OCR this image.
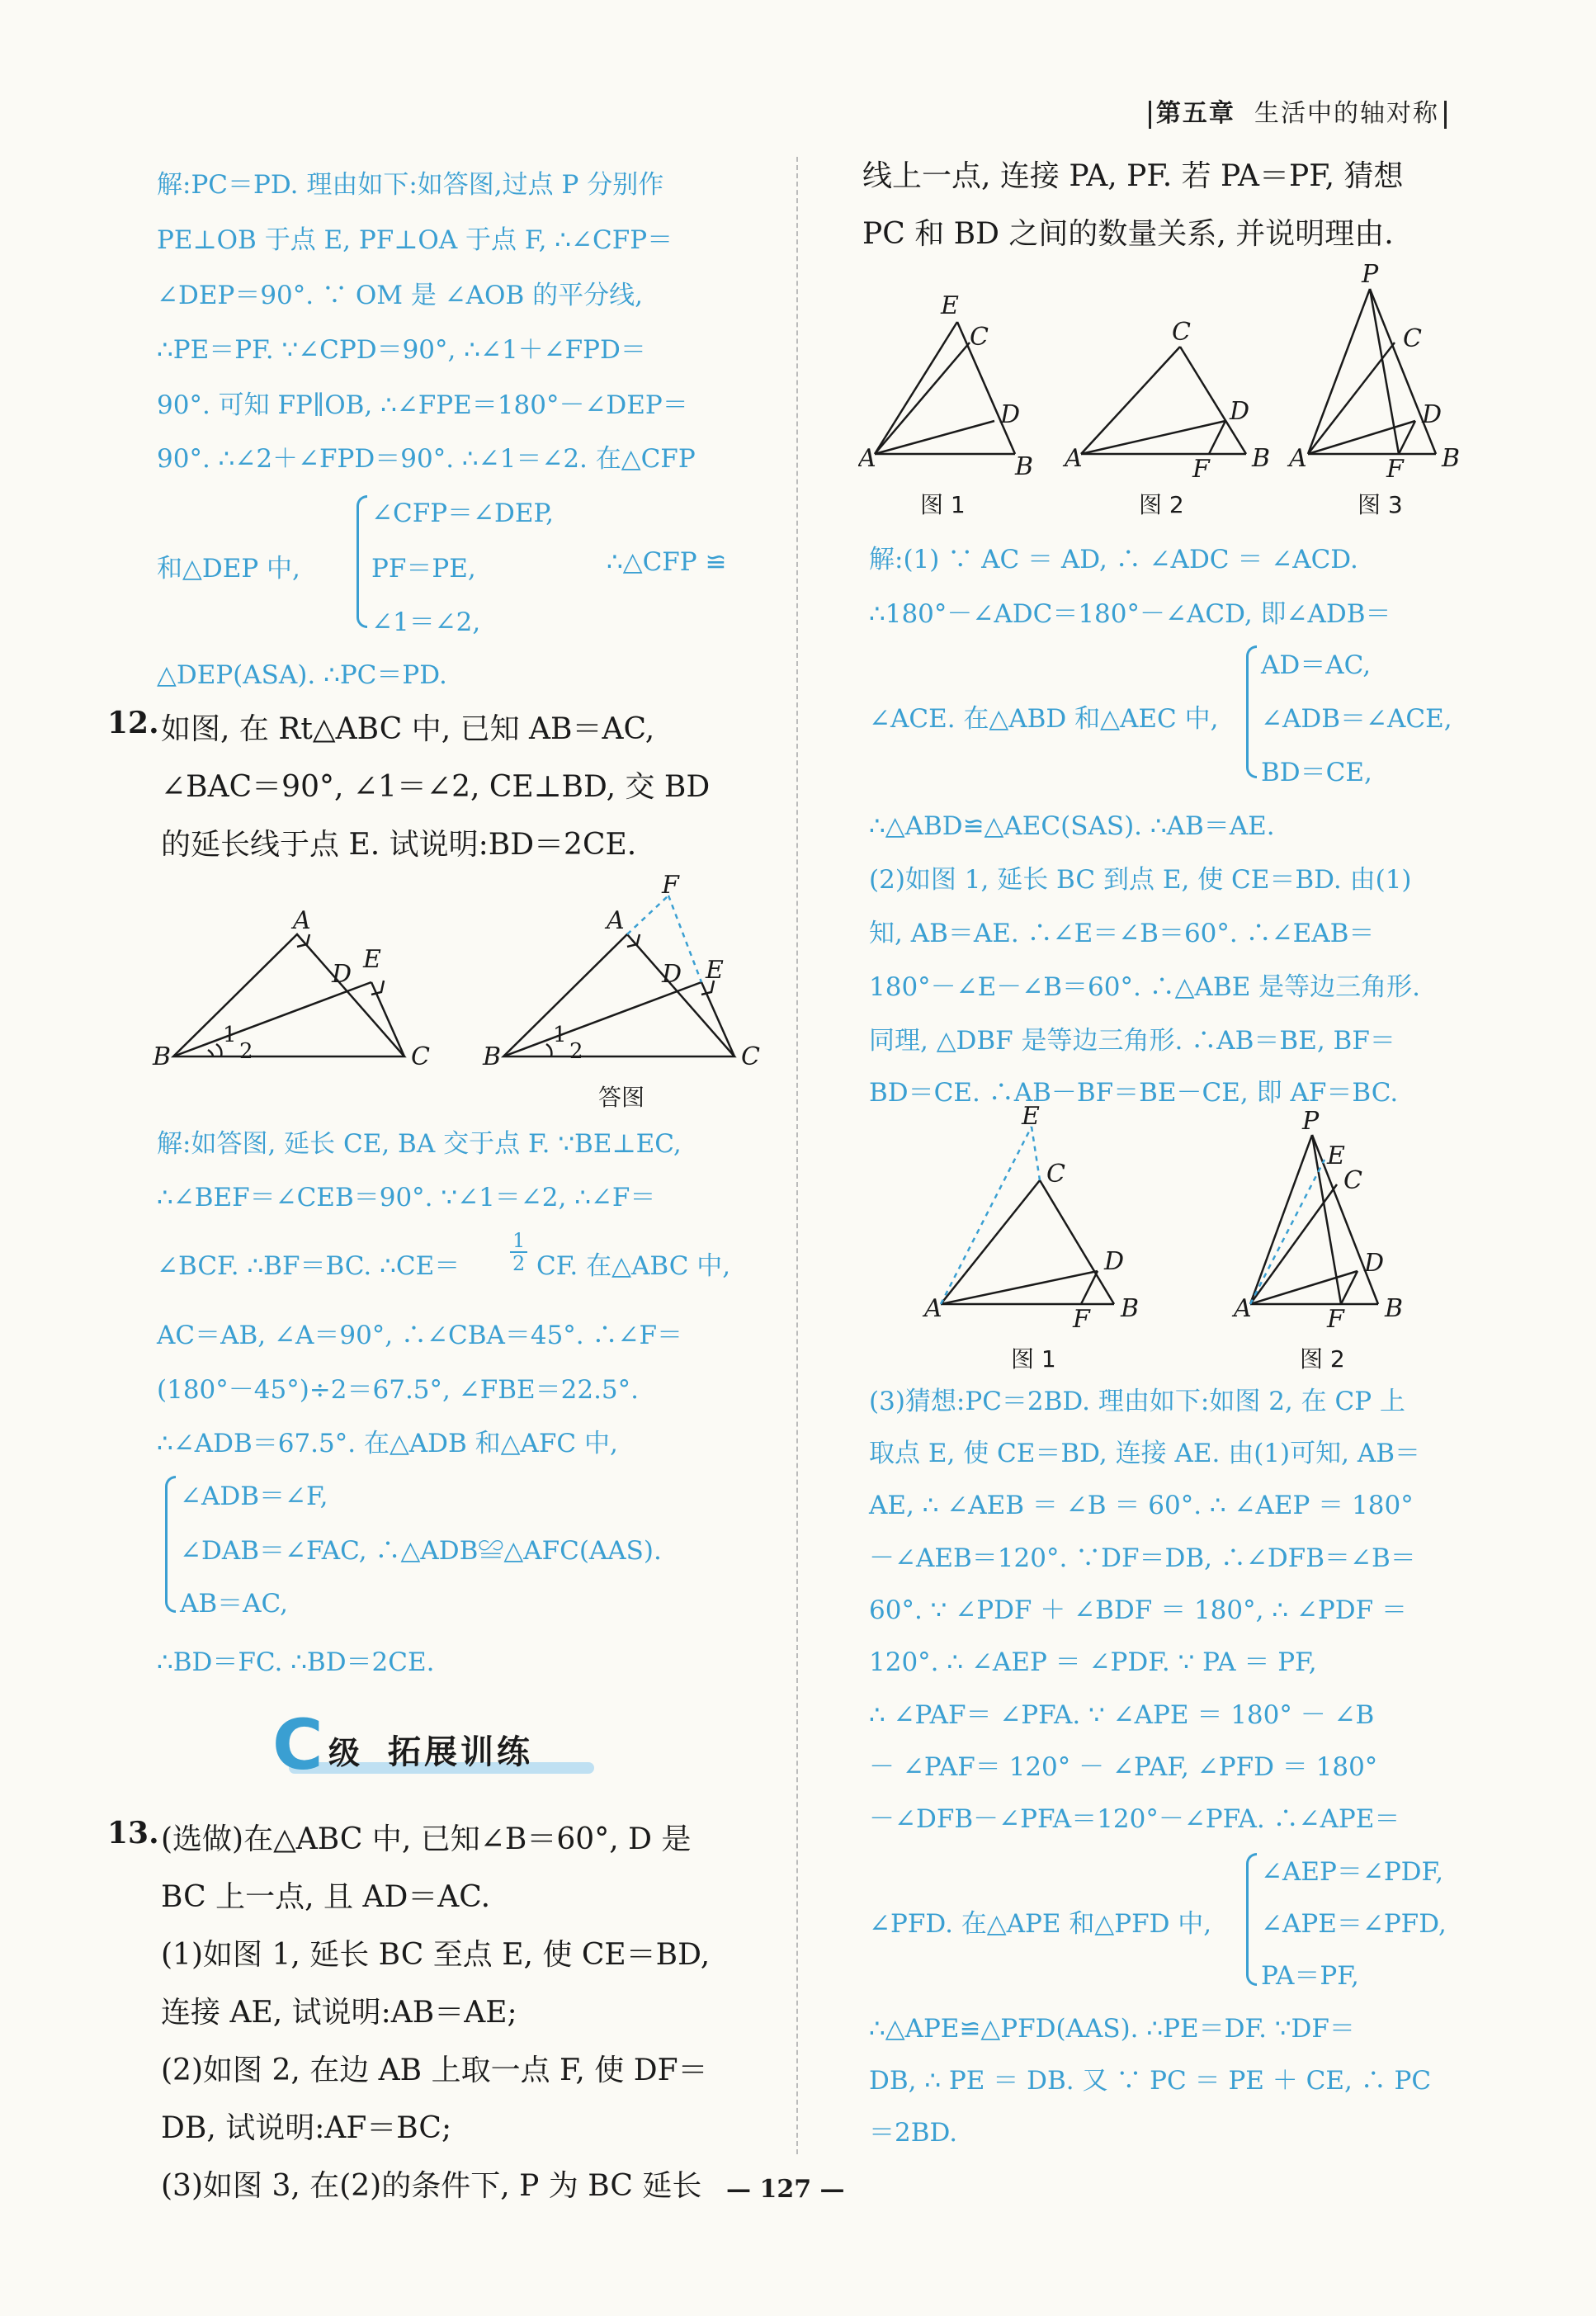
第五章 生活中的轴对称
解:PC＝PD. 理由如下:如答图,过点 P 分别作
PE⊥OB 于点 E, PF⊥OA 于点 F, ∴∠CFP＝
∠DEP＝90°. ∵ OM 是 ∠AOB 的平分线,
∴PE＝PF. ∵∠CPD＝90°, ∴∠1＋∠FPD＝
90°. 可知 FP∥OB, ∴∠FPE＝180°－∠DEP＝
90°. ∴∠2＋∠FPD＝90°. ∴∠1＝∠2. 在△CFP
和△DEP 中,
∠CFP＝∠DEP,
PF＝PE,
∠1＝∠2,
∴△CFP ≌
△DEP(ASA). ∴PC＝PD.
12. 如图, 在 Rt△ABC 中, 已知 AB＝AC,
∠BAC＝90°, ∠1＝∠2, CE⊥BD, 交 BD
的延长线于点 E. 试说明:BD＝2CE.
A
B	C
D
E
1
2
A
B	C
D E
F
1
2
答图
解:如答图, 延长 CE, BA 交于点 F. ∵BE⊥EC,
∴∠BEF＝∠CEB＝90°. ∵∠1＝∠2, ∴∠F＝
∠BCF. ∴BF＝BC. ∴CE＝	$\frac{1}{2}$ CF. 在△ABC 中,
AC＝AB, ∠A＝90°, ∴∠CBA＝45°. ∴∠F＝
(180°－45°)÷2＝67.5°, ∠FBE＝22.5°.
∴∠ADB＝67.5°. 在△ADB 和△AFC 中,
∠ADB＝∠F,
∠DAB＝∠FAC, ∴△ADB≌△AFC(AAS).
AB＝AC,
∴BD＝FC. ∴BD＝2CE.
C 级 拓展训练
13. (选做)在△ABC 中, 已知∠B＝60°, D 是
BC 上一点, 且 AD＝AC.
(1)如图 1, 延长 BC 至点 E, 使 CE＝BD,
连接 AE, 试说明:AB＝AE;
(2)如图 2, 在边 AB 上取一点 F, 使 DF＝
DB, 试说明:AF＝BC;
(3)如图 3, 在(2)的条件下, P 为 BC 延长
线上一点, 连接 PA, PF. 若 PA＝PF, 猜想
PC 和 BD 之间的数量关系, 并说明理由.
E
C
D
A	B
C
D
A	B
F
P
C
D
A	B
F
图 1	图 2	图 3
解:(1) ∵ AC ＝ AD, ∴ ∠ADC ＝ ∠ACD.
∴180°－∠ADC＝180°－∠ACD, 即∠ADB＝
∠ACE. 在△ABD 和△AEC 中,
AD＝AC,
∠ADB＝∠ACE,
BD＝CE,
∴△ABD≌△AEC(SAS). ∴AB＝AE.
(2)如图 1, 延长 BC 到点 E, 使 CE＝BD. 由(1)
知, AB＝AE. ∴∠E＝∠B＝60°. ∴∠EAB＝
180°－∠E－∠B＝60°. ∴△ABE 是等边三角形.
同理, △DBF 是等边三角形. ∴AB＝BE, BF＝
BD＝CE. ∴AB－BF＝BE－CE, 即 AF＝BC.
E
C
D
A	B
F
P
E
C
D
A	B
F
图 1	图 2
(3)猜想:PC＝2BD. 理由如下:如图 2, 在 CP 上
取点 E, 使 CE＝BD, 连接 AE. 由(1)可知, AB＝
AE, ∴ ∠AEB ＝ ∠B ＝ 60°. ∴ ∠AEP ＝ 180°
－∠AEB＝120°. ∵DF＝DB, ∴∠DFB＝∠B＝
60°. ∵ ∠PDF ＋ ∠BDF ＝ 180°, ∴ ∠PDF ＝
120°. ∴ ∠AEP ＝ ∠PDF. ∵ PA ＝ PF,
∴ ∠PAF＝ ∠PFA. ∵ ∠APE ＝ 180° － ∠B
－ ∠PAF＝ 120° － ∠PAF, ∠PFD ＝ 180°
－∠DFB－∠PFA＝120°－∠PFA. ∴∠APE＝
∠PFD. 在△APE 和△PFD 中,
∠AEP＝∠PDF,
∠APE＝∠PFD,
PA＝PF,
∴△APE≌△PFD(AAS). ∴PE＝DF. ∵DF＝
DB, ∴ PE ＝ DB. 又 ∵ PC ＝ PE ＋ CE, ∴ PC
＝2BD.
— 127 —
